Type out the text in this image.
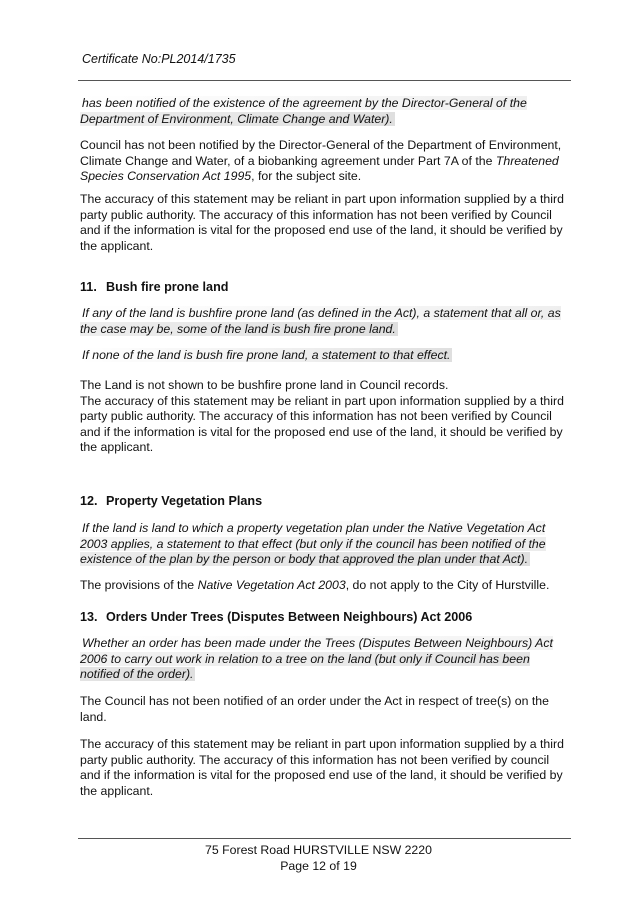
Certificate No:PL2014/1735

has been notified of the existence of the agreement by the Director-General of the Department of Environment, Climate Change and Water).

Council has not been notified by the Director-General of the Department of Environment, Climate Change and Water, of a biobanking agreement under Part 7A of the Threatened Species Conservation Act 1995, for the subject site.

The accuracy of this statement may be reliant in part upon information supplied by a third party public authority. The accuracy of this information has not been verified by Council and if the information is vital for the proposed end use of the land, it should be verified by the applicant.

11. Bush fire prone land

If any of the land is bushfire prone land (as defined in the Act), a statement that all or, as the case may be, some of the land is bush fire prone land.

If none of the land is bush fire prone land, a statement to that effect.

The Land is not shown to be bushfire prone land in Council records.

The accuracy of this statement may be reliant in part upon information supplied by a third party public authority. The accuracy of this information has not been verified by Council and if the information is vital for the proposed end use of the land, it should be verified by the applicant.

12. Property Vegetation Plans

If the land is land to which a property vegetation plan under the Native Vegetation Act 2003 applies, a statement to that effect (but only if the council has been notified of the existence of the plan by the person or body that approved the plan under that Act).

The provisions of the Native Vegetation Act 2003, do not apply to the City of Hurstville.

13. Orders Under Trees (Disputes Between Neighbours) Act 2006

Whether an order has been made under the Trees (Disputes Between Neighbours) Act 2006 to carry out work in relation to a tree on the land (but only if Council has been notified of the order).

The Council has not been notified of an order under the Act in respect of tree(s) on the land.

The accuracy of this statement may be reliant in part upon information supplied by a third party public authority. The accuracy of this information has not been verified by council and if the information is vital for the proposed end use of the land, it should be verified by the applicant.

75 Forest Road HURSTVILLE NSW 2220
Page 12 of 19
